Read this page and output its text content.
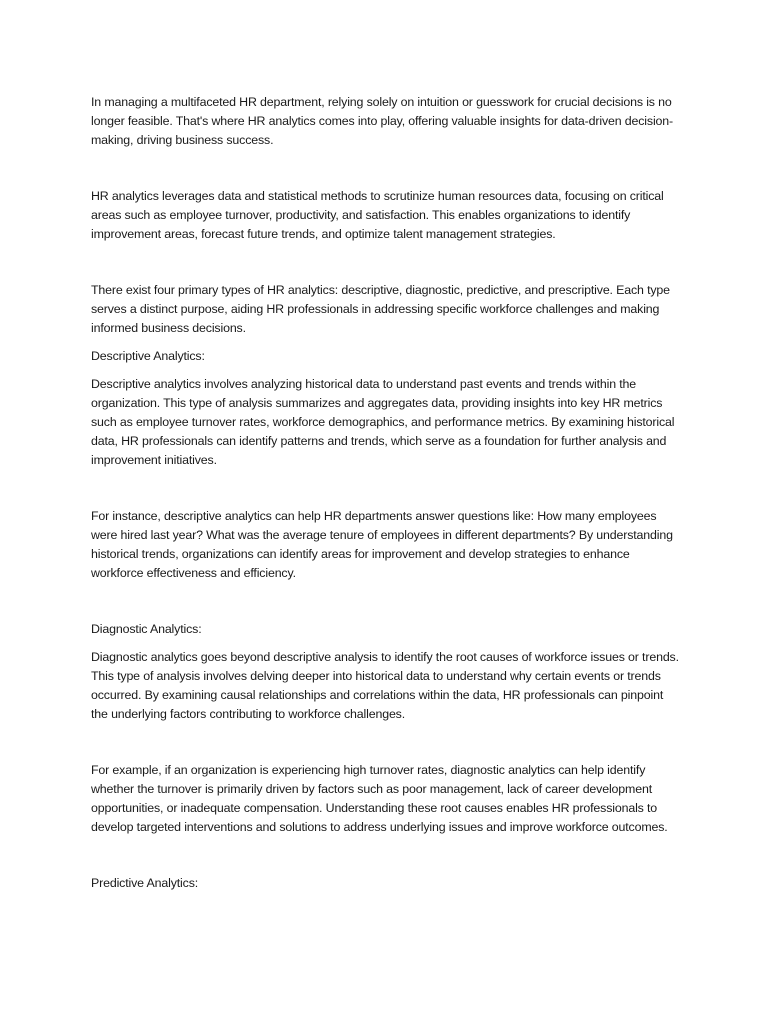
In managing a multifaceted HR department, relying solely on intuition or guesswork for crucial decisions is no longer feasible. That's where HR analytics comes into play, offering valuable insights for data-driven decision-making, driving business success.

HR analytics leverages data and statistical methods to scrutinize human resources data, focusing on critical areas such as employee turnover, productivity, and satisfaction. This enables organizations to identify improvement areas, forecast future trends, and optimize talent management strategies.

There exist four primary types of HR analytics: descriptive, diagnostic, predictive, and prescriptive. Each type serves a distinct purpose, aiding HR professionals in addressing specific workforce challenges and making informed business decisions.

Descriptive Analytics:

Descriptive analytics involves analyzing historical data to understand past events and trends within the organization. This type of analysis summarizes and aggregates data, providing insights into key HR metrics such as employee turnover rates, workforce demographics, and performance metrics. By examining historical data, HR professionals can identify patterns and trends, which serve as a foundation for further analysis and improvement initiatives.

For instance, descriptive analytics can help HR departments answer questions like: How many employees were hired last year? What was the average tenure of employees in different departments? By understanding historical trends, organizations can identify areas for improvement and develop strategies to enhance workforce effectiveness and efficiency.

Diagnostic Analytics:

Diagnostic analytics goes beyond descriptive analysis to identify the root causes of workforce issues or trends. This type of analysis involves delving deeper into historical data to understand why certain events or trends occurred. By examining causal relationships and correlations within the data, HR professionals can pinpoint the underlying factors contributing to workforce challenges.

For example, if an organization is experiencing high turnover rates, diagnostic analytics can help identify whether the turnover is primarily driven by factors such as poor management, lack of career development opportunities, or inadequate compensation. Understanding these root causes enables HR professionals to develop targeted interventions and solutions to address underlying issues and improve workforce outcomes.

Predictive Analytics:
